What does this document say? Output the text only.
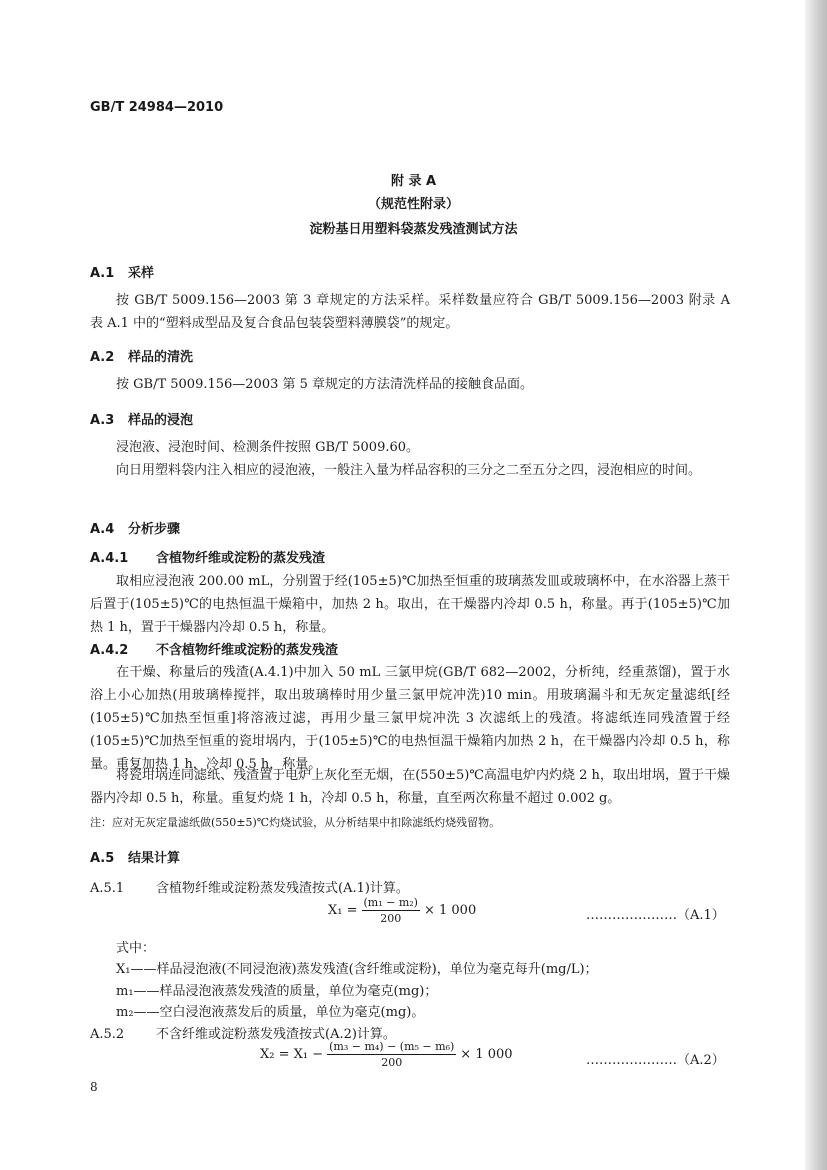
GB/T 24984—2010
附 录 A
（规范性附录）
淀粉基日用塑料袋蒸发残渣测试方法
A.1 采样
按 GB/T 5009.156—2003 第 3 章规定的方法采样。采样数量应符合 GB/T 5009.156—2003 附录 A 表 A.1 中的“塑料成型品及复合食品包装袋塑料薄膜袋”的规定。
A.2 样品的清洗
按 GB/T 5009.156—2003 第 5 章规定的方法清洗样品的接触食品面。
A.3 样品的浸泡
浸泡液、浸泡时间、检测条件按照 GB/T 5009.60。
向日用塑料袋内注入相应的浸泡液，一般注入量为样品容积的三分之二至五分之四，浸泡相应的时间。
A.4 分析步骤
A.4.1 含植物纤维或淀粉的蒸发残渣
取相应浸泡液 200.00 mL，分别置于经(105±5)℃加热至恒重的玻璃蒸发皿或玻璃杯中，在水浴器上蒸干后置于(105±5)℃的电热恒温干燥箱中，加热 2 h。取出，在干燥器内冷却 0.5 h，称量。再于(105±5)℃加热 1 h，置于干燥器内冷却 0.5 h，称量。
A.4.2 不含植物纤维或淀粉的蒸发残渣
在干燥、称量后的残渣(A.4.1)中加入 50 mL 三氯甲烷(GB/T 682—2002，分析纯，经重蒸馏)，置于水浴上小心加热(用玻璃棒搅拌，取出玻璃棒时用少量三氯甲烷冲洗)10 min。用玻璃漏斗和无灰定量滤纸[经(105±5)℃加热至恒重]将溶液过滤，再用少量三氯甲烷冲洗 3 次滤纸上的残渣。将滤纸连同残渣置于经(105±5)℃加热至恒重的瓷坩埚内，于(105±5)℃的电热恒温干燥箱内加热 2 h，在干燥器内冷却 0.5 h，称量。重复加热 1 h，冷却 0.5 h，称量。
将瓷坩埚连同滤纸、残渣置于电炉上灰化至无烟，在(550±5)℃高温电炉内灼烧 2 h，取出坩埚，置于干燥器内冷却 0.5 h，称量。重复灼烧 1 h，冷却 0.5 h，称量，直至两次称量不超过 0.002 g。
注：应对无灰定量滤纸做(550±5)℃灼烧试验，从分析结果中扣除滤纸灼烧残留物。
A.5 结果计算
A.5.1 含植物纤维或淀粉蒸发残渣按式(A.1)计算。
$X_1 = \frac{\text{(m₁ − m₂)}}{200} \times 1$ 000	…………………（A.1）
式中：
X₁——样品浸泡液(不同浸泡液)蒸发残渣(含纤维或淀粉)，单位为毫克每升(mg/L)；
m₁——样品浸泡液蒸发残渣的质量，单位为毫克(mg)；
m₂——空白浸泡液蒸发后的质量，单位为毫克(mg)。
A.5.2 不含纤维或淀粉蒸发残渣按式(A.2)计算。
$X_2 = X_1 - \frac{\text{(m₃ − m₄) − (m₅ − m₆)}}{200} \times 1$ 000	…………………（A.2）
8
